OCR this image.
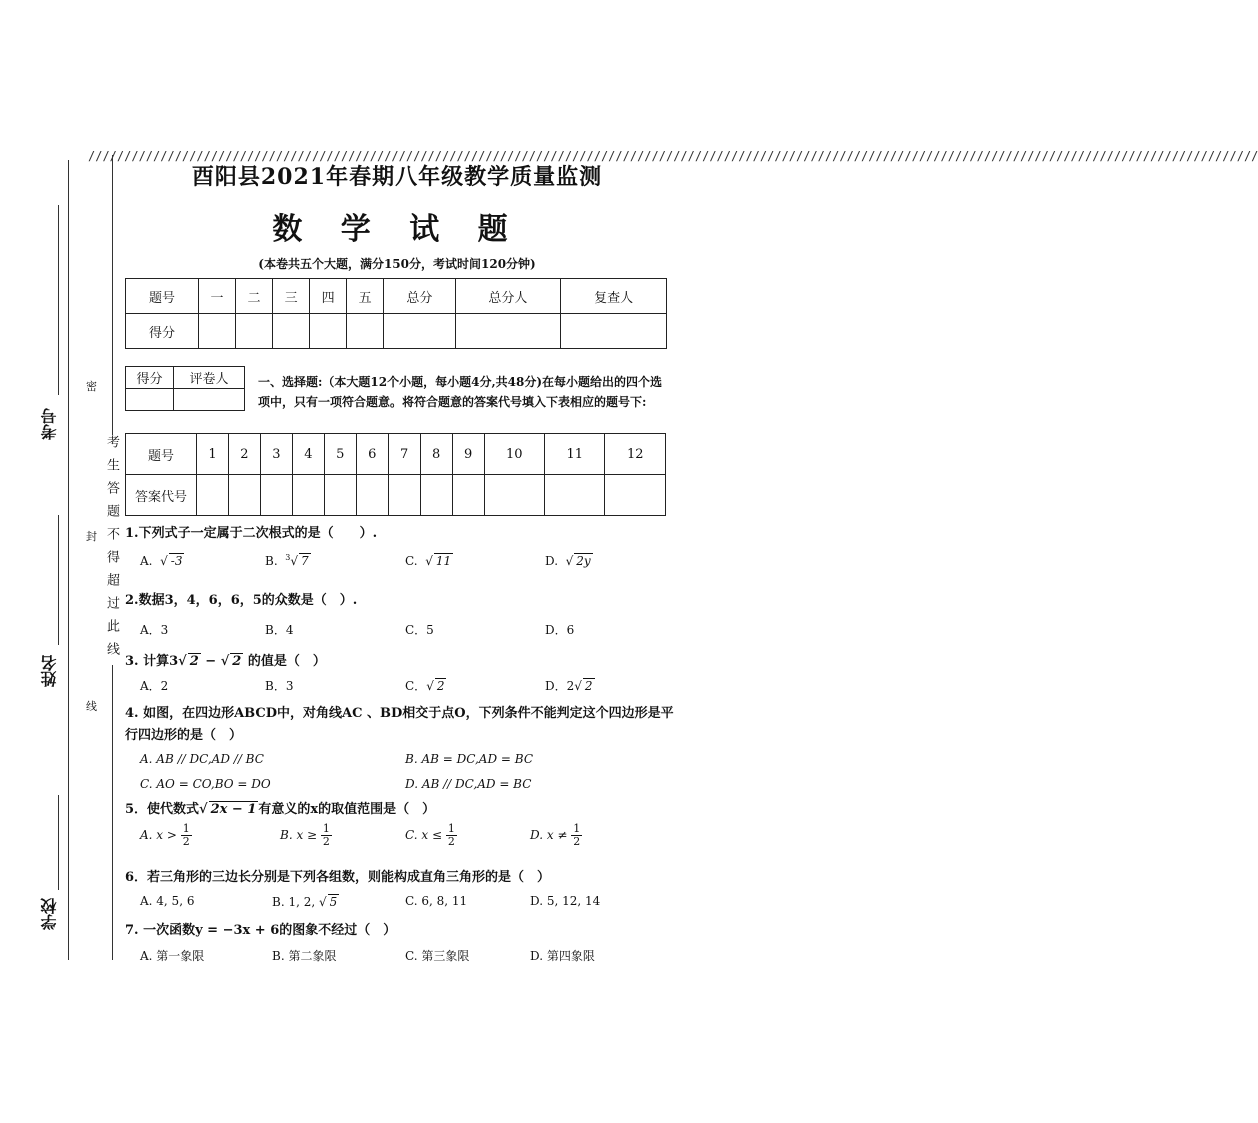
酉阳县2021年春期八年级教学质量监测
数 学 试 题
(本卷共五个大题，满分150分，考试时间120分钟)
题号	一	二	三	四	五	总分	总分人	复查人
得分								
得分	评卷人
	一、选择题:（本大题12个小题，每小题4分,共48分)在每小题给出的四个选项中，只有一项符合题意。将符合题意的答案代号填入下表相应的题号下:
题号	1	2	3	4	5	6	7	8	9	10	11	12
答案代号												
//////////////////////////////////////////////////////////////////////////////////////////////////////////////////////////////////////////////////////////////////
密
封
线
考生答题不得超过此线
考号
姓名
学校
1.下列式子一定属于二次根式的是（　　）.
A.  √ -3	B. $^3$√ 7	C.  √ 11	D.  √ 2y
2.数据3，4，6，6，5的众数是（　）.
A．3	B．4	C．5	D．6
3. 计算3√ 2 − √ 2 的值是（　）
A．2	B．3	C．√ 2	D．2√ 2
4. 如图，在四边形ABCD中，对角线AC 、BD相交于点O，下列条件不能判定这个四边形是平行四边形的是（　）
A. AB // DC,AD // BC	B. AB = DC,AD = BC
C. AO = CO,BO = DO	D. AB // DC,AD = BC
5．使代数式√ 2x − 1 有意义的x的取值范围是（　）
A. $x > \frac{1}{2}$	B. $x \ge \frac{1}{2}$	C. $x \le \frac{1}{2}$	D. $x \ne \frac{1}{2}$
6．若三角形的三边长分别是下列各组数，则能构成直角三角形的是（　）
A. 4, 5, 6	B. 1, 2, √ 5	C. 6, 8, 11	D. 5, 12, 14
7. 一次函数y = −3x + 6的图象不经过（　）
A. 第一象限	B. 第二象限	C. 第三象限	D. 第四象限
